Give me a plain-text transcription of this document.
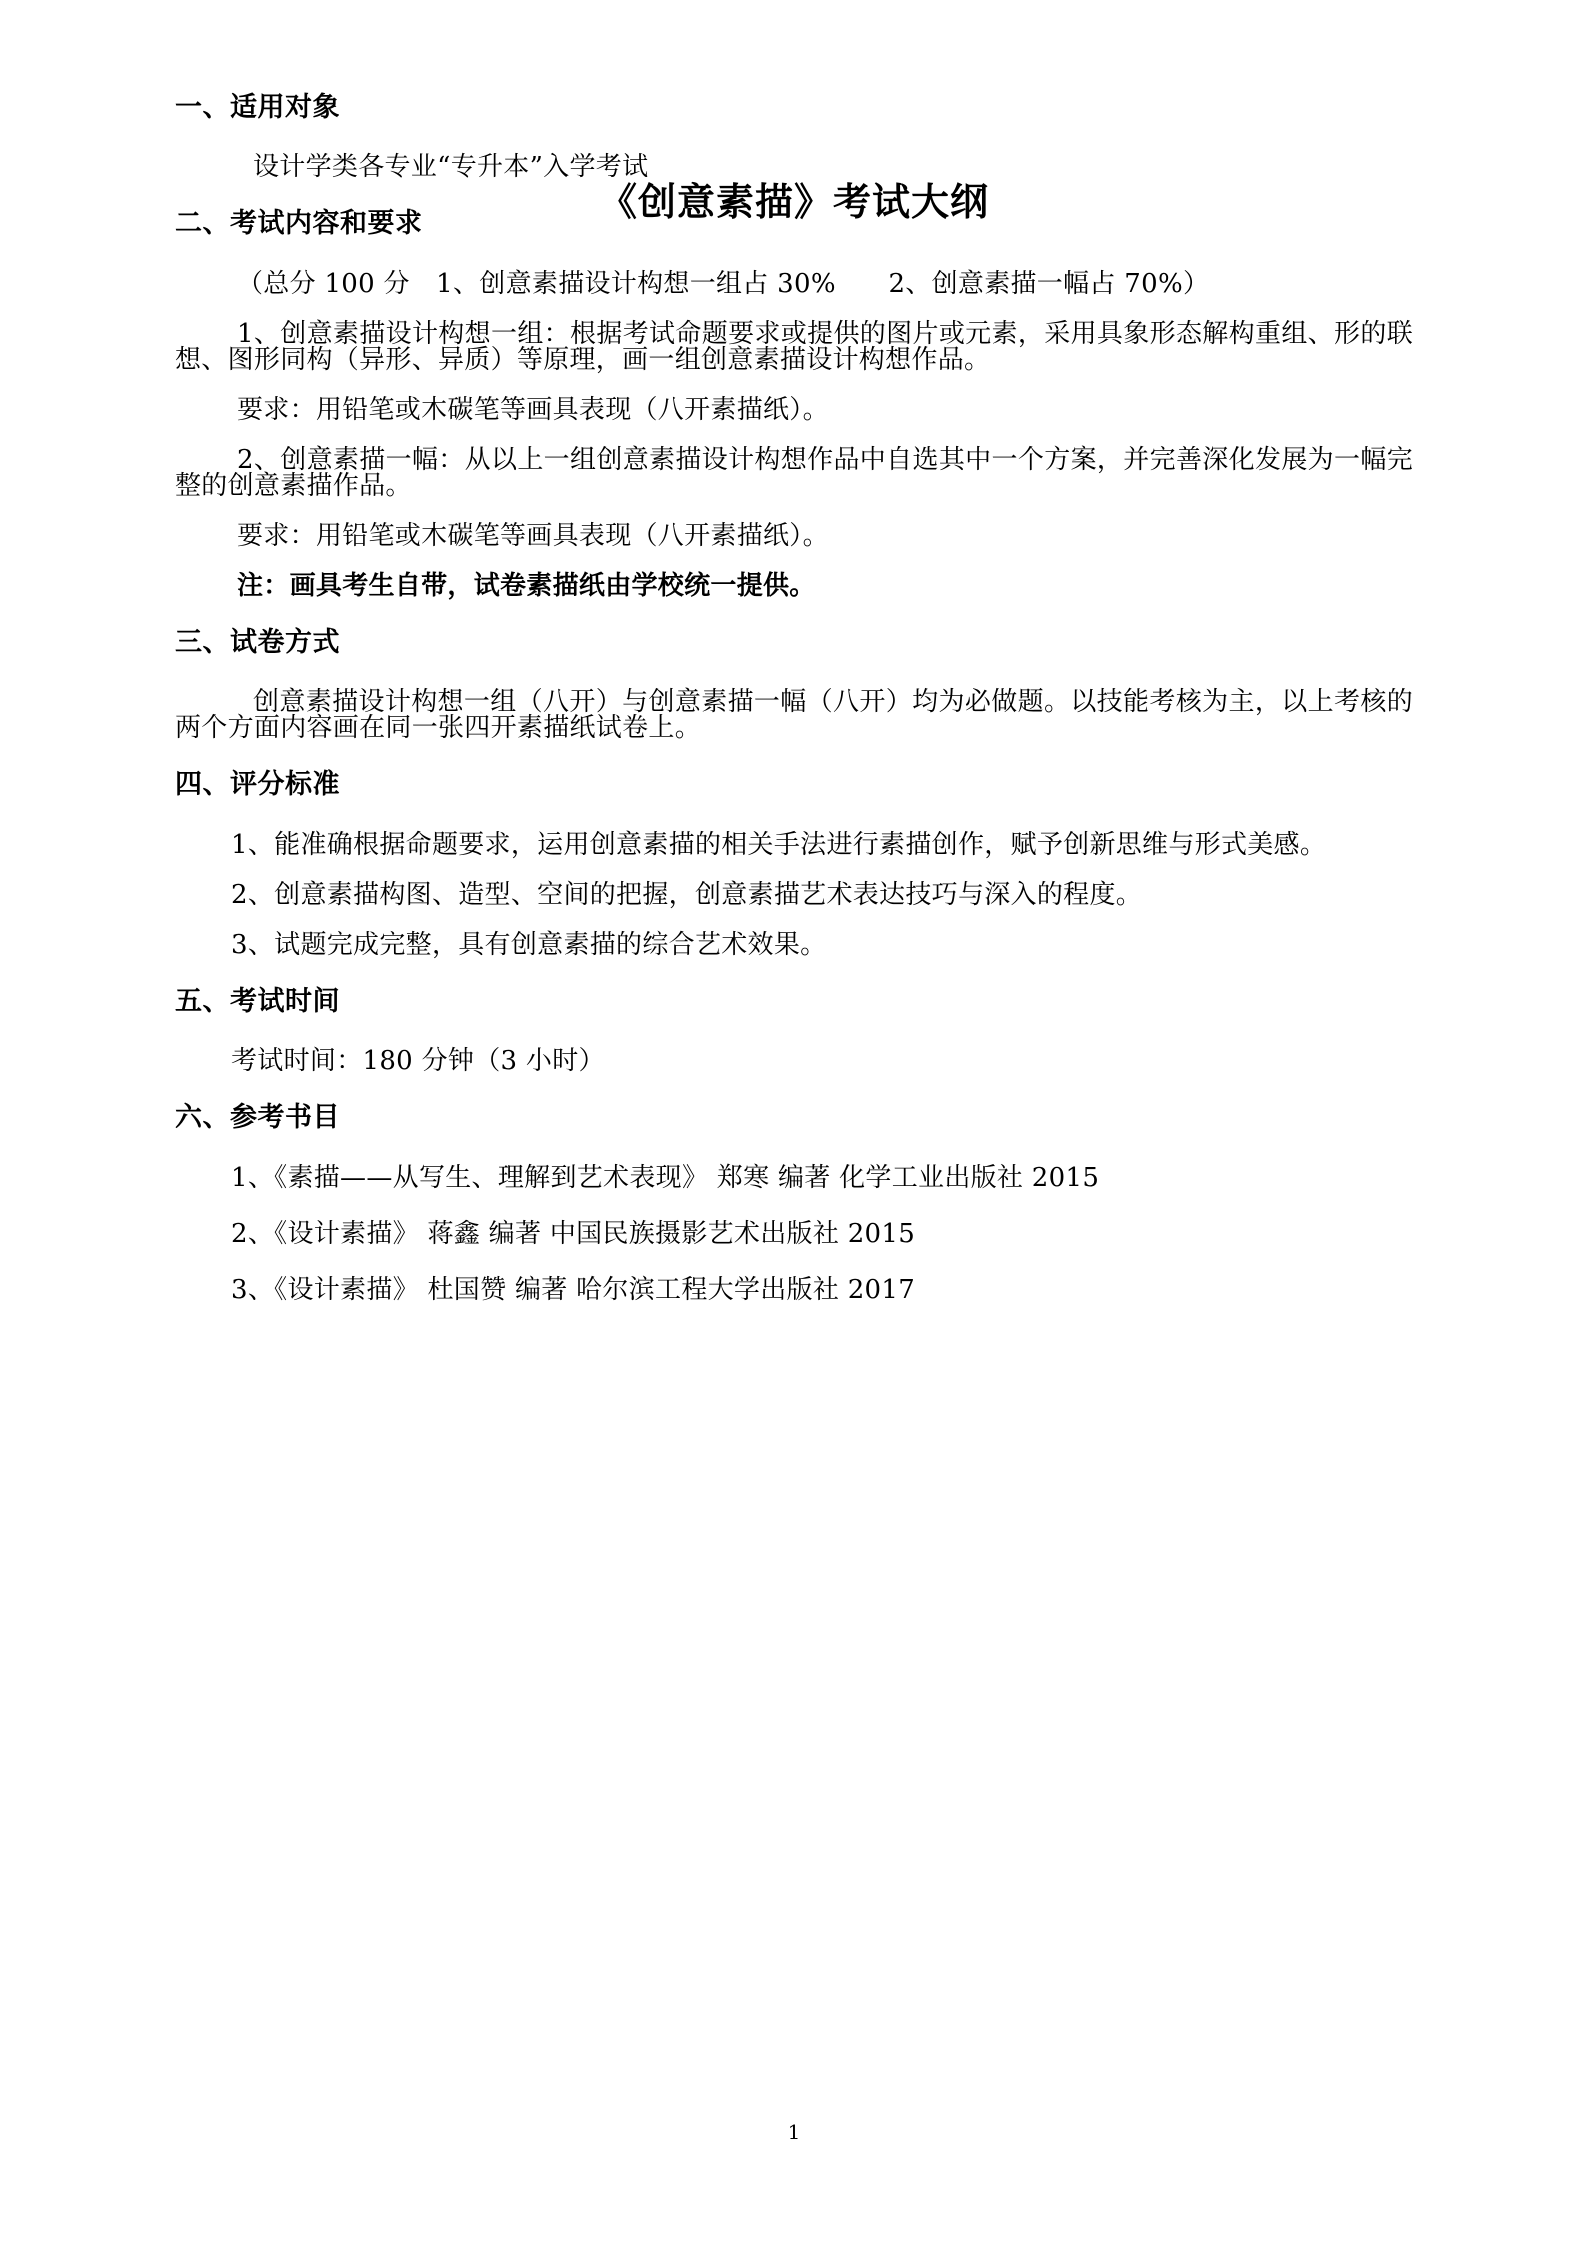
《创意素描》考试大纲
一、适用对象
设计学类各专业“专升本”入学考试
二、考试内容和要求
（总分 100 分　1、创意素描设计构想一组占 30%　　2、创意素描一幅占 70%）
1、创意素描设计构想一组：根据考试命题要求或提供的图片或元素，采用具象形态解构重组、形的联想、图形同构（异形、异质）等原理，画一组创意素描设计构想作品。
要求：用铅笔或木碳笔等画具表现（八开素描纸）。
2、创意素描一幅：从以上一组创意素描设计构想作品中自选其中一个方案，并完善深化发展为一幅完整的创意素描作品。
要求：用铅笔或木碳笔等画具表现（八开素描纸）。
注：画具考生自带，试卷素描纸由学校统一提供。
三、试卷方式
创意素描设计构想一组（八开）与创意素描一幅（八开）均为必做题。以技能考核为主，以上考核的两个方面内容画在同一张四开素描纸试卷上。
四、评分标准
1、能准确根据命题要求，运用创意素描的相关手法进行素描创作，赋予创新思维与形式美感。
2、创意素描构图、造型、空间的把握，创意素描艺术表达技巧与深入的程度。
3、试题完成完整，具有创意素描的综合艺术效果。
五、考试时间
考试时间：180 分钟（3 小时）
六、参考书目
1、《素描——从写生、理解到艺术表现》 郑寒 编著 化学工业出版社 2015
2、《设计素描》 蒋鑫 编著 中国民族摄影艺术出版社 2015
3、《设计素描》 杜国赞 编著 哈尔滨工程大学出版社 2017
1
